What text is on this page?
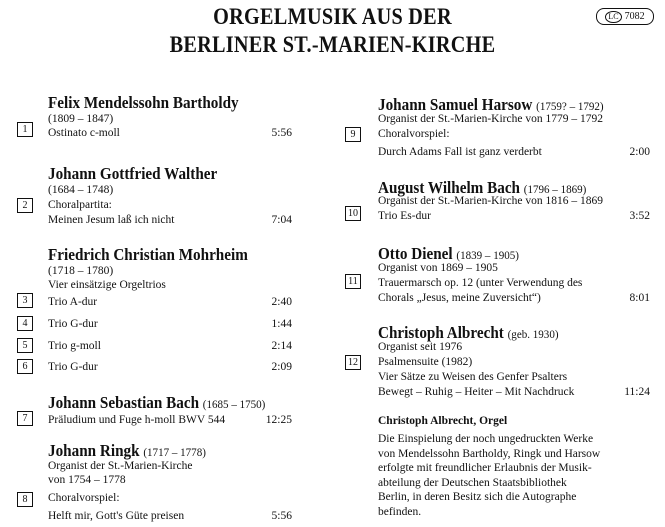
ORGELMUSIK AUS DER
BERLINER ST.-MARIEN-KIRCHE
LC 7082
Felix Mendelssohn Bartholdy
(1809 – 1847)
1	Ostinato c-moll	5:56
Johann Gottfried Walther
(1684 – 1748)
2	Choralpartita:
Meinen Jesum laß ich nicht	7:04
Friedrich Christian Mohrheim
(1718 – 1780)
Vier einsätzige Orgeltrios
3	Trio A-dur	2:40
4	Trio G-dur	1:44
5	Trio g-moll	2:14
6	Trio G-dur	2:09
Johann Sebastian Bach (1685 – 1750)
7	Präludium und Fuge h-moll BWV 544	12:25
Johann Ringk (1717 – 1778)
Organist der St.-Marien-Kirche
von 1754 – 1778
8	Choralvorspiel:
Helft mir, Gott's Güte preisen	5:56
Johann Samuel Harsow (1759? – 1792)
Organist der St.-Marien-Kirche von 1779 – 1792
9	Choralvorspiel:
Durch Adams Fall ist ganz verderbt	2:00
August Wilhelm Bach (1796 – 1869)
Organist der St.-Marien-Kirche von 1816 – 1869
10 Trio Es-dur	3:52
Otto Dienel (1839 – 1905)
Organist von 1869 – 1905
11 Trauermarsch op. 12 (unter Verwendung des
Chorals „Jesus, meine Zuversicht“)	8:01
Christoph Albrecht (geb. 1930)
Organist seit 1976
12 Psalmensuite (1982)
Vier Sätze zu Weisen des Genfer Psalters
Bewegt – Ruhig – Heiter – Mit Nachdruck	11:24
Christoph Albrecht, Orgel
Die Einspielung der noch ungedruckten Werke
von Mendelssohn Bartholdy, Ringk und Harsow
erfolgte mit freundlicher Erlaubnis der Musik-
abteilung der Deutschen Staatsbibliothek
Berlin, in deren Besitz sich die Autographe
befinden.
